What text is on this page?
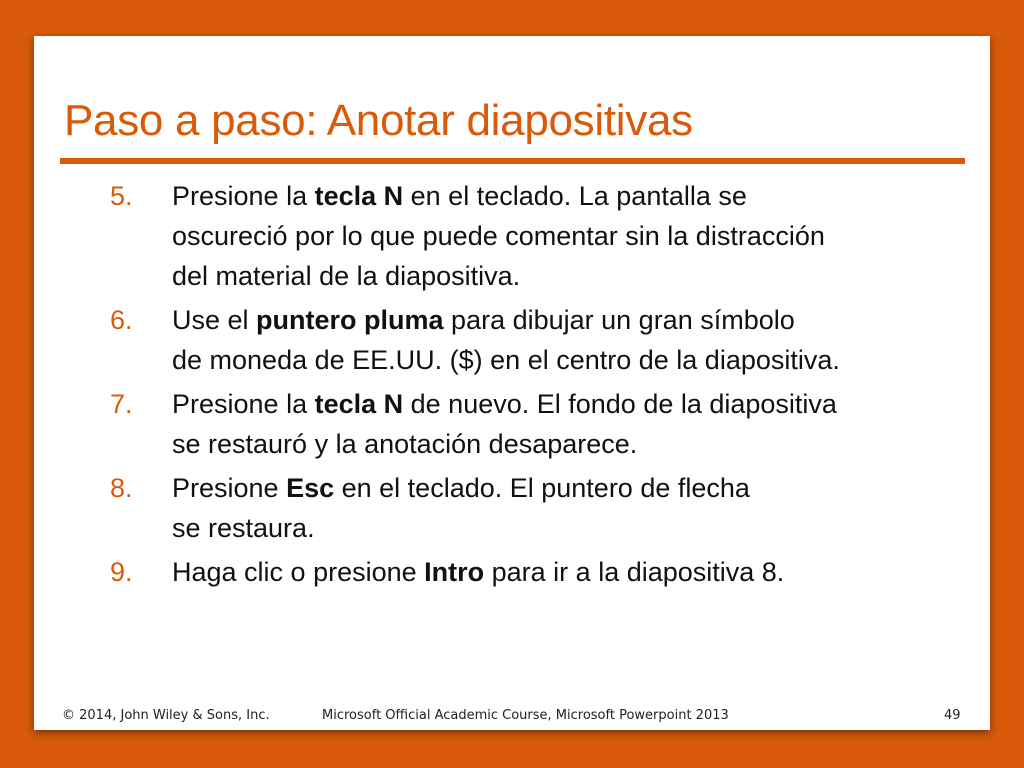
Paso a paso: Anotar diapositivas
5. Presione la tecla N en el teclado. La pantalla se
oscureció por lo que puede comentar sin la distracción
del material de la diapositiva.
6. Use el puntero pluma para dibujar un gran símbolo
de moneda de EE.UU. ($) en el centro de la diapositiva.
7. Presione la tecla N de nuevo. El fondo de la diapositiva
se restauró y la anotación desaparece.
8. Presione Esc en el teclado. El puntero de flecha
se restaura.
9. Haga clic o presione Intro para ir a la diapositiva 8.
© 2014, John Wiley & Sons, Inc.	Microsoft Official Academic Course, Microsoft Powerpoint 2013	49
